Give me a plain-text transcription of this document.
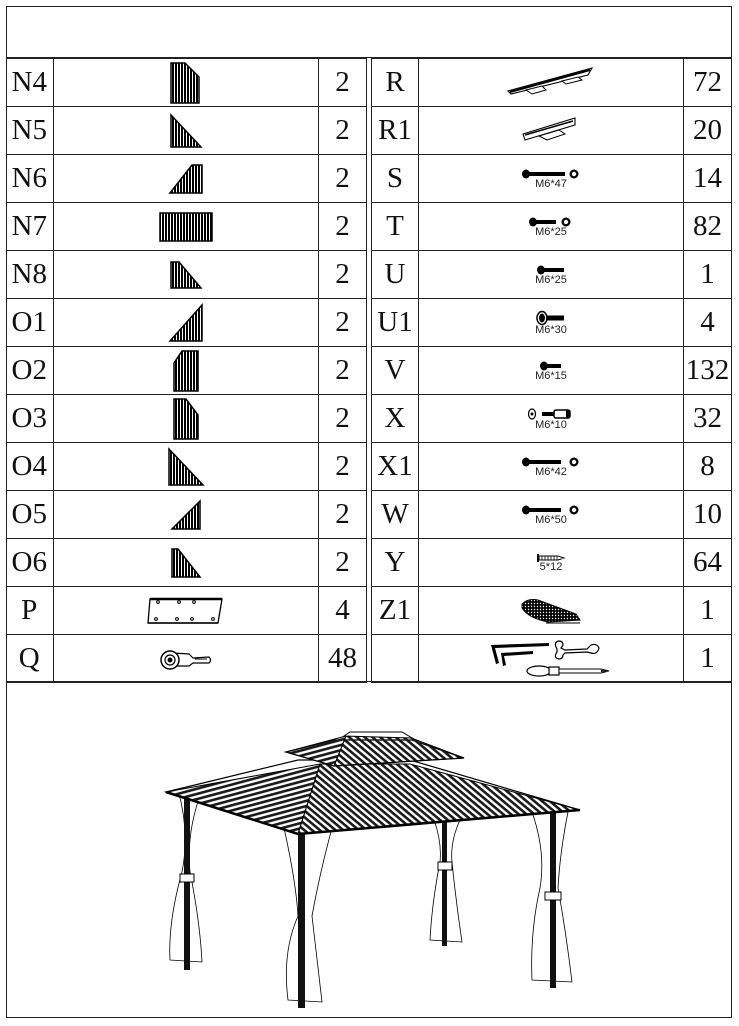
N4		2
N5		2
N6		2
N7		2
N8		2
O1		2
O2		2
O3		2
O4		2
O5		2
O6		2
P		4
Q		48
R		72
R1		20
S	M6*47	14
T	M6*25	82
U	M6*25	1
U1	M6*30	4
V	M6*15	132
X	M6*10	32
X1	M6*42	8
W	M6*50	10
Y	5*12	64
Z1		1

	1
